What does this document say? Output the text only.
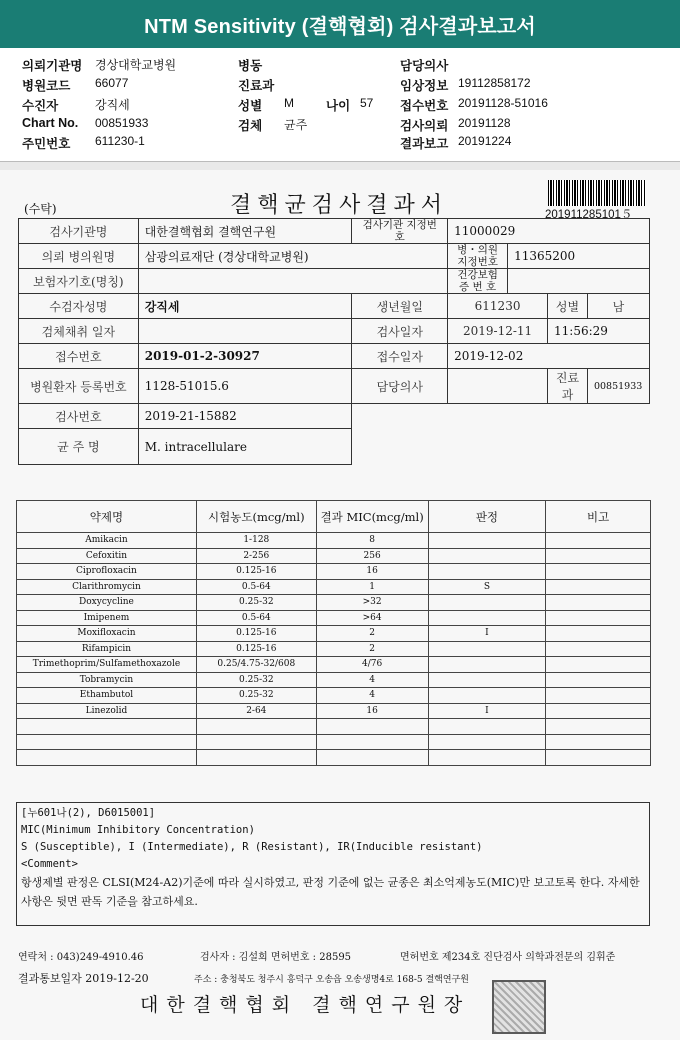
NTM Sensitivity (결핵협회) 검사결과보고서
의뢰기관명 경상대학교병원
병원코드 66077
수진자	강직세
Chart No. 00851933
주민번호 611230-1
병동
진료과
성별 M	나이 57
검체 균주
담당의사
임상정보 19112858172
접수번호 20191128-51016
검사의뢰 20191128
결과보고 20191224
(수탁)	결핵균검사결과서	201911285101５
검사기관명	대한결핵협회 결핵연구원	검사기관 지정번호	11000029			
의뢰 병의원명	삼광의료재단 (경상대학교병원)		병・의원 지정번호	11365200		
보험자기호(명칭)			건강보험 증 번 호			
수검자성명	강직세	생년월일	611230		성별	남
검체채취 일자		검사일자	2019-12-11		11:56:29	
접수번호	2019-01-2-30927	접수일자	2019-12-02			
병원환자 등록번호	1128-51015.6	담당의사			진료과	00851933
검사번호	2019-21-15882					
균 주 명	M. intracellulare					
약제명	시험농도(mcg/ml)	결과 MIC(mcg/ml)	판정	비고
Amikacin	1-128	8		
Cefoxitin	2-256	256		
Ciprofloxacin	0.125-16	16		
Clarithromycin	0.5-64	1	S	
Doxycycline	0.25-32	>32		
Imipenem	0.5-64	>64		
Moxifloxacin	0.125-16	2	I	
Rifampicin	0.125-16	2		
Trimethoprim/Sulfamethoxazole	0.25/4.75-32/608	4/76		
Tobramycin	0.25-32	4		
Ethambutol	0.25-32	4		
Linezolid	2-64	16	I	

[누601나(2), D6015001]
MIC(Minimum Inhibitory Concentration)
S (Susceptible), I (Intermediate), R (Resistant), IR(Inducible resistant)
<Comment>
항생제별 판정은 CLSI(M24-A2)기준에 따라 실시하였고, 판정 기준에 없는 균종은 최소억제농도(MIC)만 보고토록 한다. 자세한 사항은 뒷면 판독 기준을 참고하세요.
연락처 : 043)249-4910.46	검사자 : 김설희 면허번호 : 28595	면허번호 제234호 진단검사 의학과전문의 김휘준
결과통보일자 2019-12-20	주소 : 충청북도 청주시 흥덕구 오송읍 오송생명4로 168-5 결핵연구원
대한결핵협회 결핵연구원장
